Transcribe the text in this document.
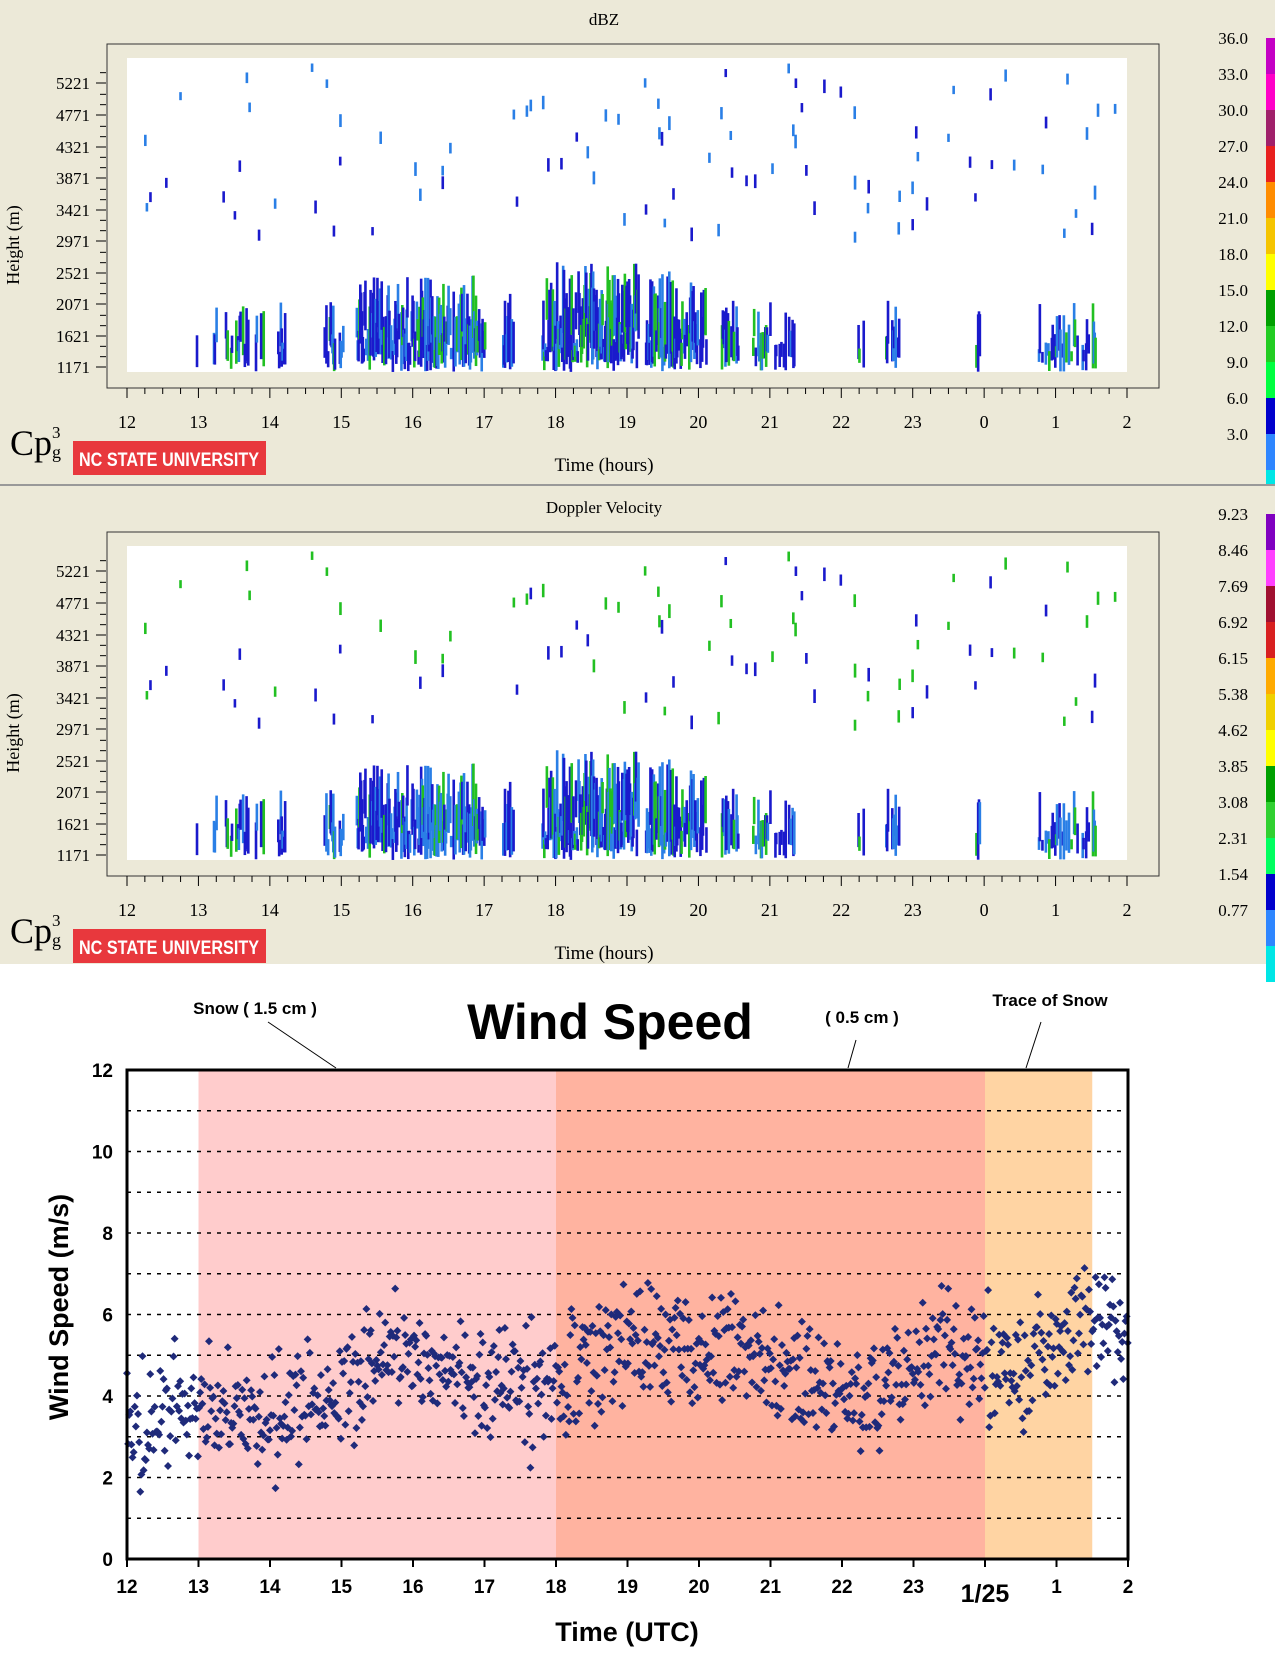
dBZ
Height (m)
Time (hours)
1171
1621
2071
2521
2971
3421
3871
4321
4771
5221
12	13	14	15	16	17	18	19	20	21	22	23	0	1	2
36.0
33.0
30.0
27.0
24.0
21.0
18.0
15.0
12.0
9.0
6.0
3.0
Cp 3
g NC STATE UNIVERSITY
Doppler Velocity
Height (m)
Time (hours)
1171
1621
2071
2521
2971
3421
3871
4321
4771
5221
12	13	14	15	16	17	18	19	20	21	22	23	0	1	2
9.23
8.46
7.69
6.92
6.15
5.38
4.62
3.85
3.08
2.31
1.54
0.77
Cp 3
g NC STATE UNIVERSITY
0
2
4
6
8
10
12
12	13	14	15	16	17	18	19	20	21	22	23 1/25 1	2
Wind Speed
Wind Speed (m/s)
Time (UTC)
Snow ( 1.5 cm )	( 0.5 cm )
Trace of Snow
